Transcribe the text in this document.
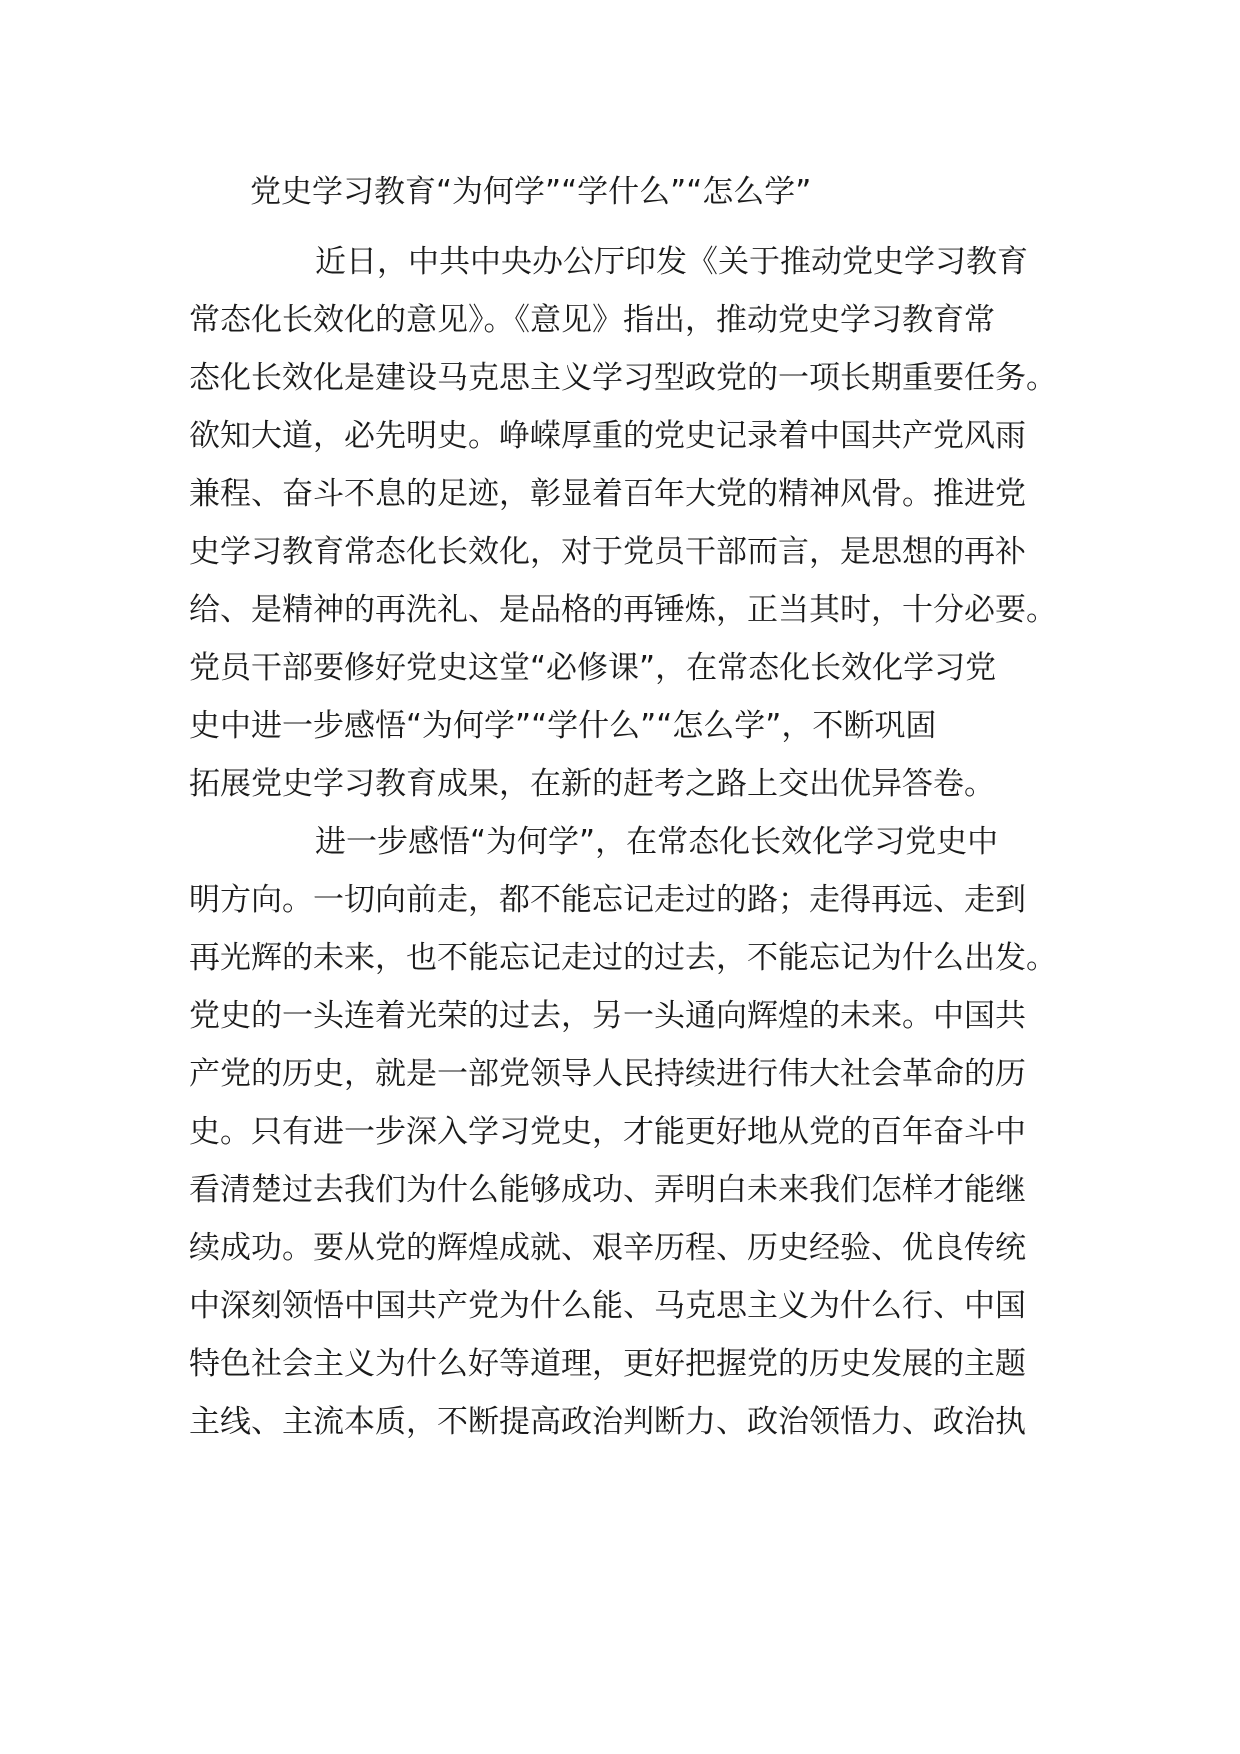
党史学习教育“为何学”“学什么”“怎么学”

近日，中共中央办公厅印发《关于推动党史学习教育

常态化长效化的意见》。《意见》指出，推动党史学习教育常

态化长效化是建设马克思主义学习型政党的一项长期重要任务。

欲知大道，必先明史。峥嵘厚重的党史记录着中国共产党风雨

兼程、奋斗不息的足迹，彰显着百年大党的精神风骨。推进党

史学习教育常态化长效化，对于党员干部而言，是思想的再补

给、是精神的再洗礼、是品格的再锤炼，正当其时，十分必要。

党员干部要修好党史这堂“必修课”，在常态化长效化学习党

史中进一步感悟“为何学”“学什么”“怎么学”，不断巩固

拓展党史学习教育成果，在新的赶考之路上交出优异答卷。

进一步感悟“为何学”，在常态化长效化学习党史中

明方向。一切向前走，都不能忘记走过的路；走得再远、走到

再光辉的未来，也不能忘记走过的过去，不能忘记为什么出发。

党史的一头连着光荣的过去，另一头通向辉煌的未来。中国共

产党的历史，就是一部党领导人民持续进行伟大社会革命的历

史。只有进一步深入学习党史，才能更好地从党的百年奋斗中

看清楚过去我们为什么能够成功、弄明白未来我们怎样才能继

续成功。要从党的辉煌成就、艰辛历程、历史经验、优良传统

中深刻领悟中国共产党为什么能、马克思主义为什么行、中国

特色社会主义为什么好等道理，更好把握党的历史发展的主题

主线、主流本质，不断提高政治判断力、政治领悟力、政治执
